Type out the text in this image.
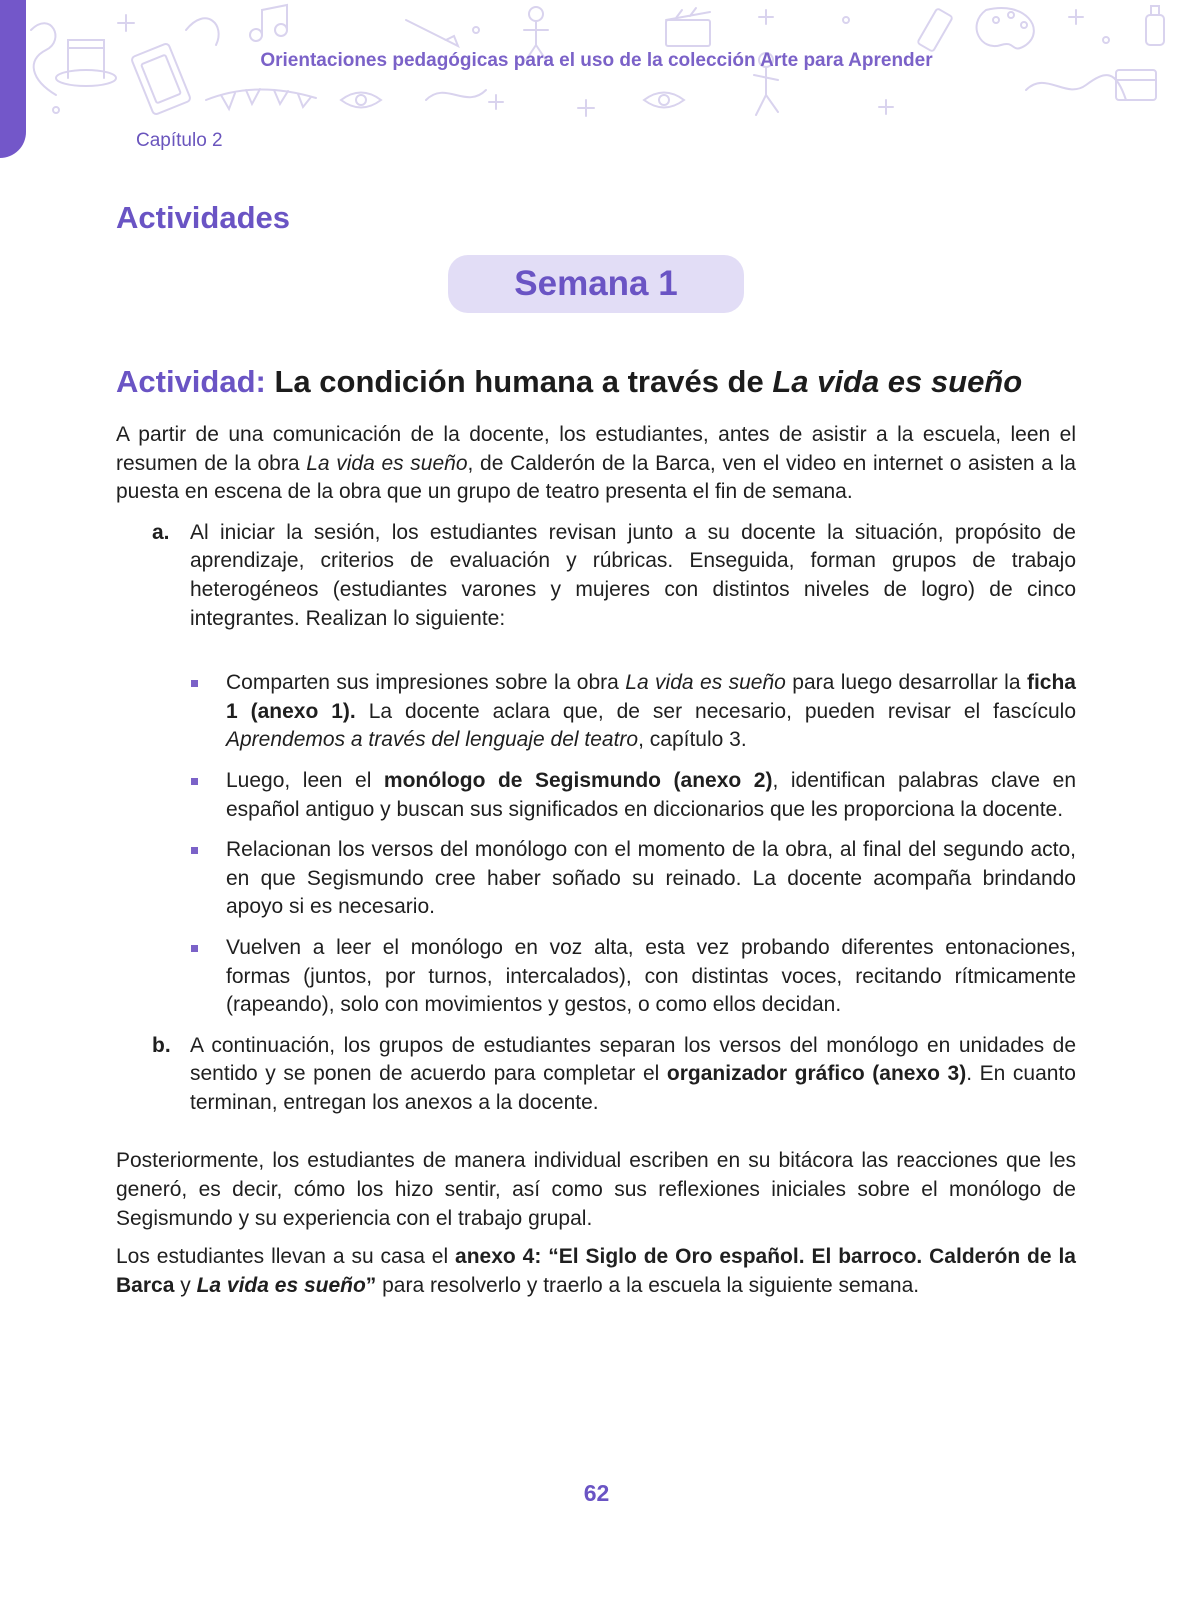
Orientaciones pedagógicas para el uso de la colección Arte para Aprender
Capítulo 2
Actividades
Semana 1
Actividad: La condición humana a través de La vida es sueño

A partir de una comunicación de la docente, los estudiantes, antes de asistir a la escuela, leen el resumen de la obra La vida es sueño, de Calderón de la Barca, ven el video en internet o asisten a la puesta en escena de la obra que un grupo de teatro presenta el fin de semana.

a. Al iniciar la sesión, los estudiantes revisan junto a su docente la situación, propósito de aprendizaje, criterios de evaluación y rúbricas. Enseguida, forman grupos de trabajo heterogéneos (estudiantes varones y mujeres con distintos niveles de logro) de cinco integrantes. Realizan lo siguiente:

Comparten sus impresiones sobre la obra La vida es sueño para luego desarrollar la ficha 1 (anexo 1). La docente aclara que, de ser necesario, pueden revisar el fascículo Aprendemos a través del lenguaje del teatro, capítulo 3.
Luego, leen el monólogo de Segismundo (anexo 2), identifican palabras clave en español antiguo y buscan sus significados en diccionarios que les proporciona la docente.
Relacionan los versos del monólogo con el momento de la obra, al final del segundo acto, en que Segismundo cree haber soñado su reinado. La docente acompaña brindando apoyo si es necesario.
Vuelven a leer el monólogo en voz alta, esta vez probando diferentes entonaciones, formas (juntos, por turnos, intercalados), con distintas voces, recitando rítmicamente (rapeando), solo con movimientos y gestos, o como ellos decidan.
b. A continuación, los grupos de estudiantes separan los versos del monólogo en unidades de sentido y se ponen de acuerdo para completar el organizador gráfico (anexo 3). En cuanto terminan, entregan los anexos a la docente.

Posteriormente, los estudiantes de manera individual escriben en su bitácora las reacciones que les generó, es decir, cómo los hizo sentir, así como sus reflexiones iniciales sobre el monólogo de Segismundo y su experiencia con el trabajo grupal.

Los estudiantes llevan a su casa el anexo 4: “El Siglo de Oro español. El barroco. Calderón de la Barca y La vida es sueño” para resolverlo y traerlo a la escuela la siguiente semana.

62
